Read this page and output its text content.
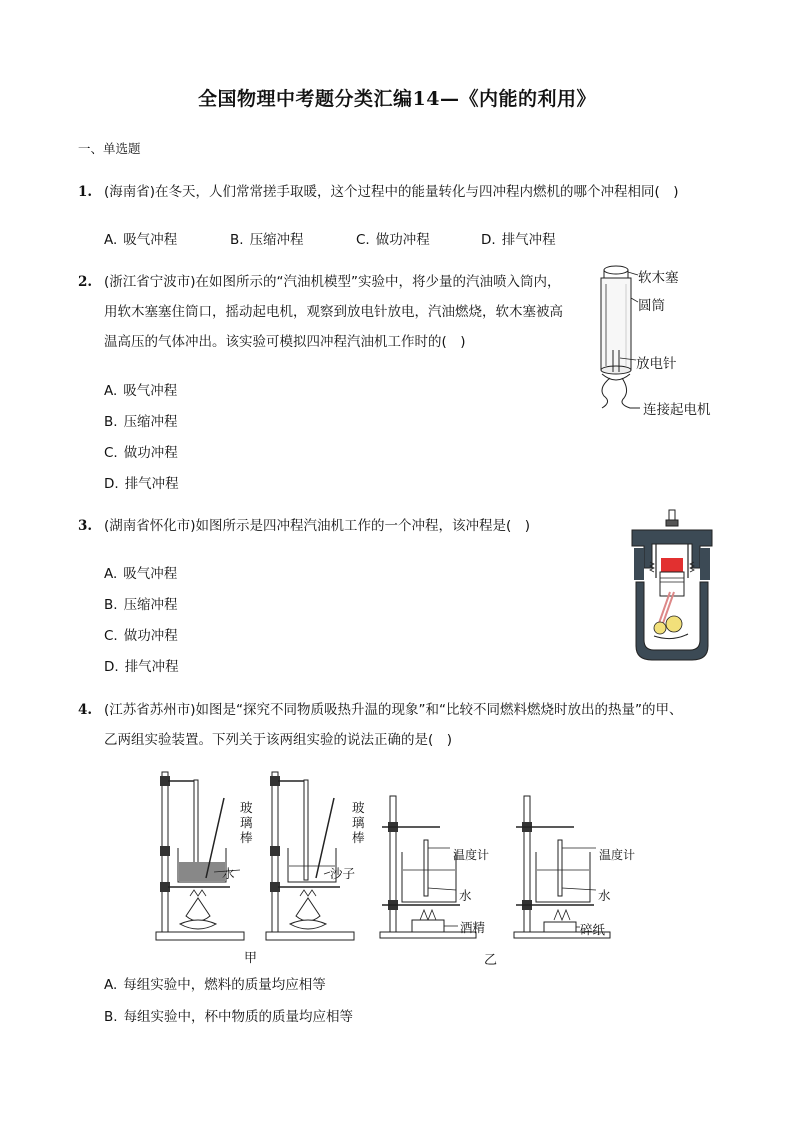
全国物理中考题分类汇编14—《内能的利用》
一、单选题
1. (海南省)在冬天，人们常常搓手取暖，这个过程中的能量转化与四冲程内燃机的哪个冲程相同(　)
A. 吸气冲程	B. 压缩冲程	C. 做功冲程	D. 排气冲程
2. (浙江省宁波市)在如图所示的“汽油机模型”实验中，将少量的汽油喷入筒内，
用软木塞塞住筒口，摇动起电机，观察到放电针放电，汽油燃烧，软木塞被高
温高压的气体冲出。该实验可模拟四冲程汽油机工作时的(　)
A. 吸气冲程
B. 压缩冲程
C. 做功冲程
D. 排气冲程
软木塞
圆筒
放电针
连接起电机
3. (湖南省怀化市)如图所示是四冲程汽油机工作的一个冲程，该冲程是(　)
A. 吸气冲程
B. 压缩冲程
C. 做功冲程
D. 排气冲程
4. (江苏省苏州市)如图是“探究不同物质吸热升温的现象”和“比较不同燃料燃烧时放出的热量”的甲、
乙两组实验装置。下列关于该两组实验的说法正确的是(　)
玻璃棒
水
玻璃棒
沙子
温度计
水
酒精
温度计
水
碎纸
甲	乙
A. 每组实验中，燃料的质量均应相等
B. 每组实验中，杯中物质的质量均应相等
